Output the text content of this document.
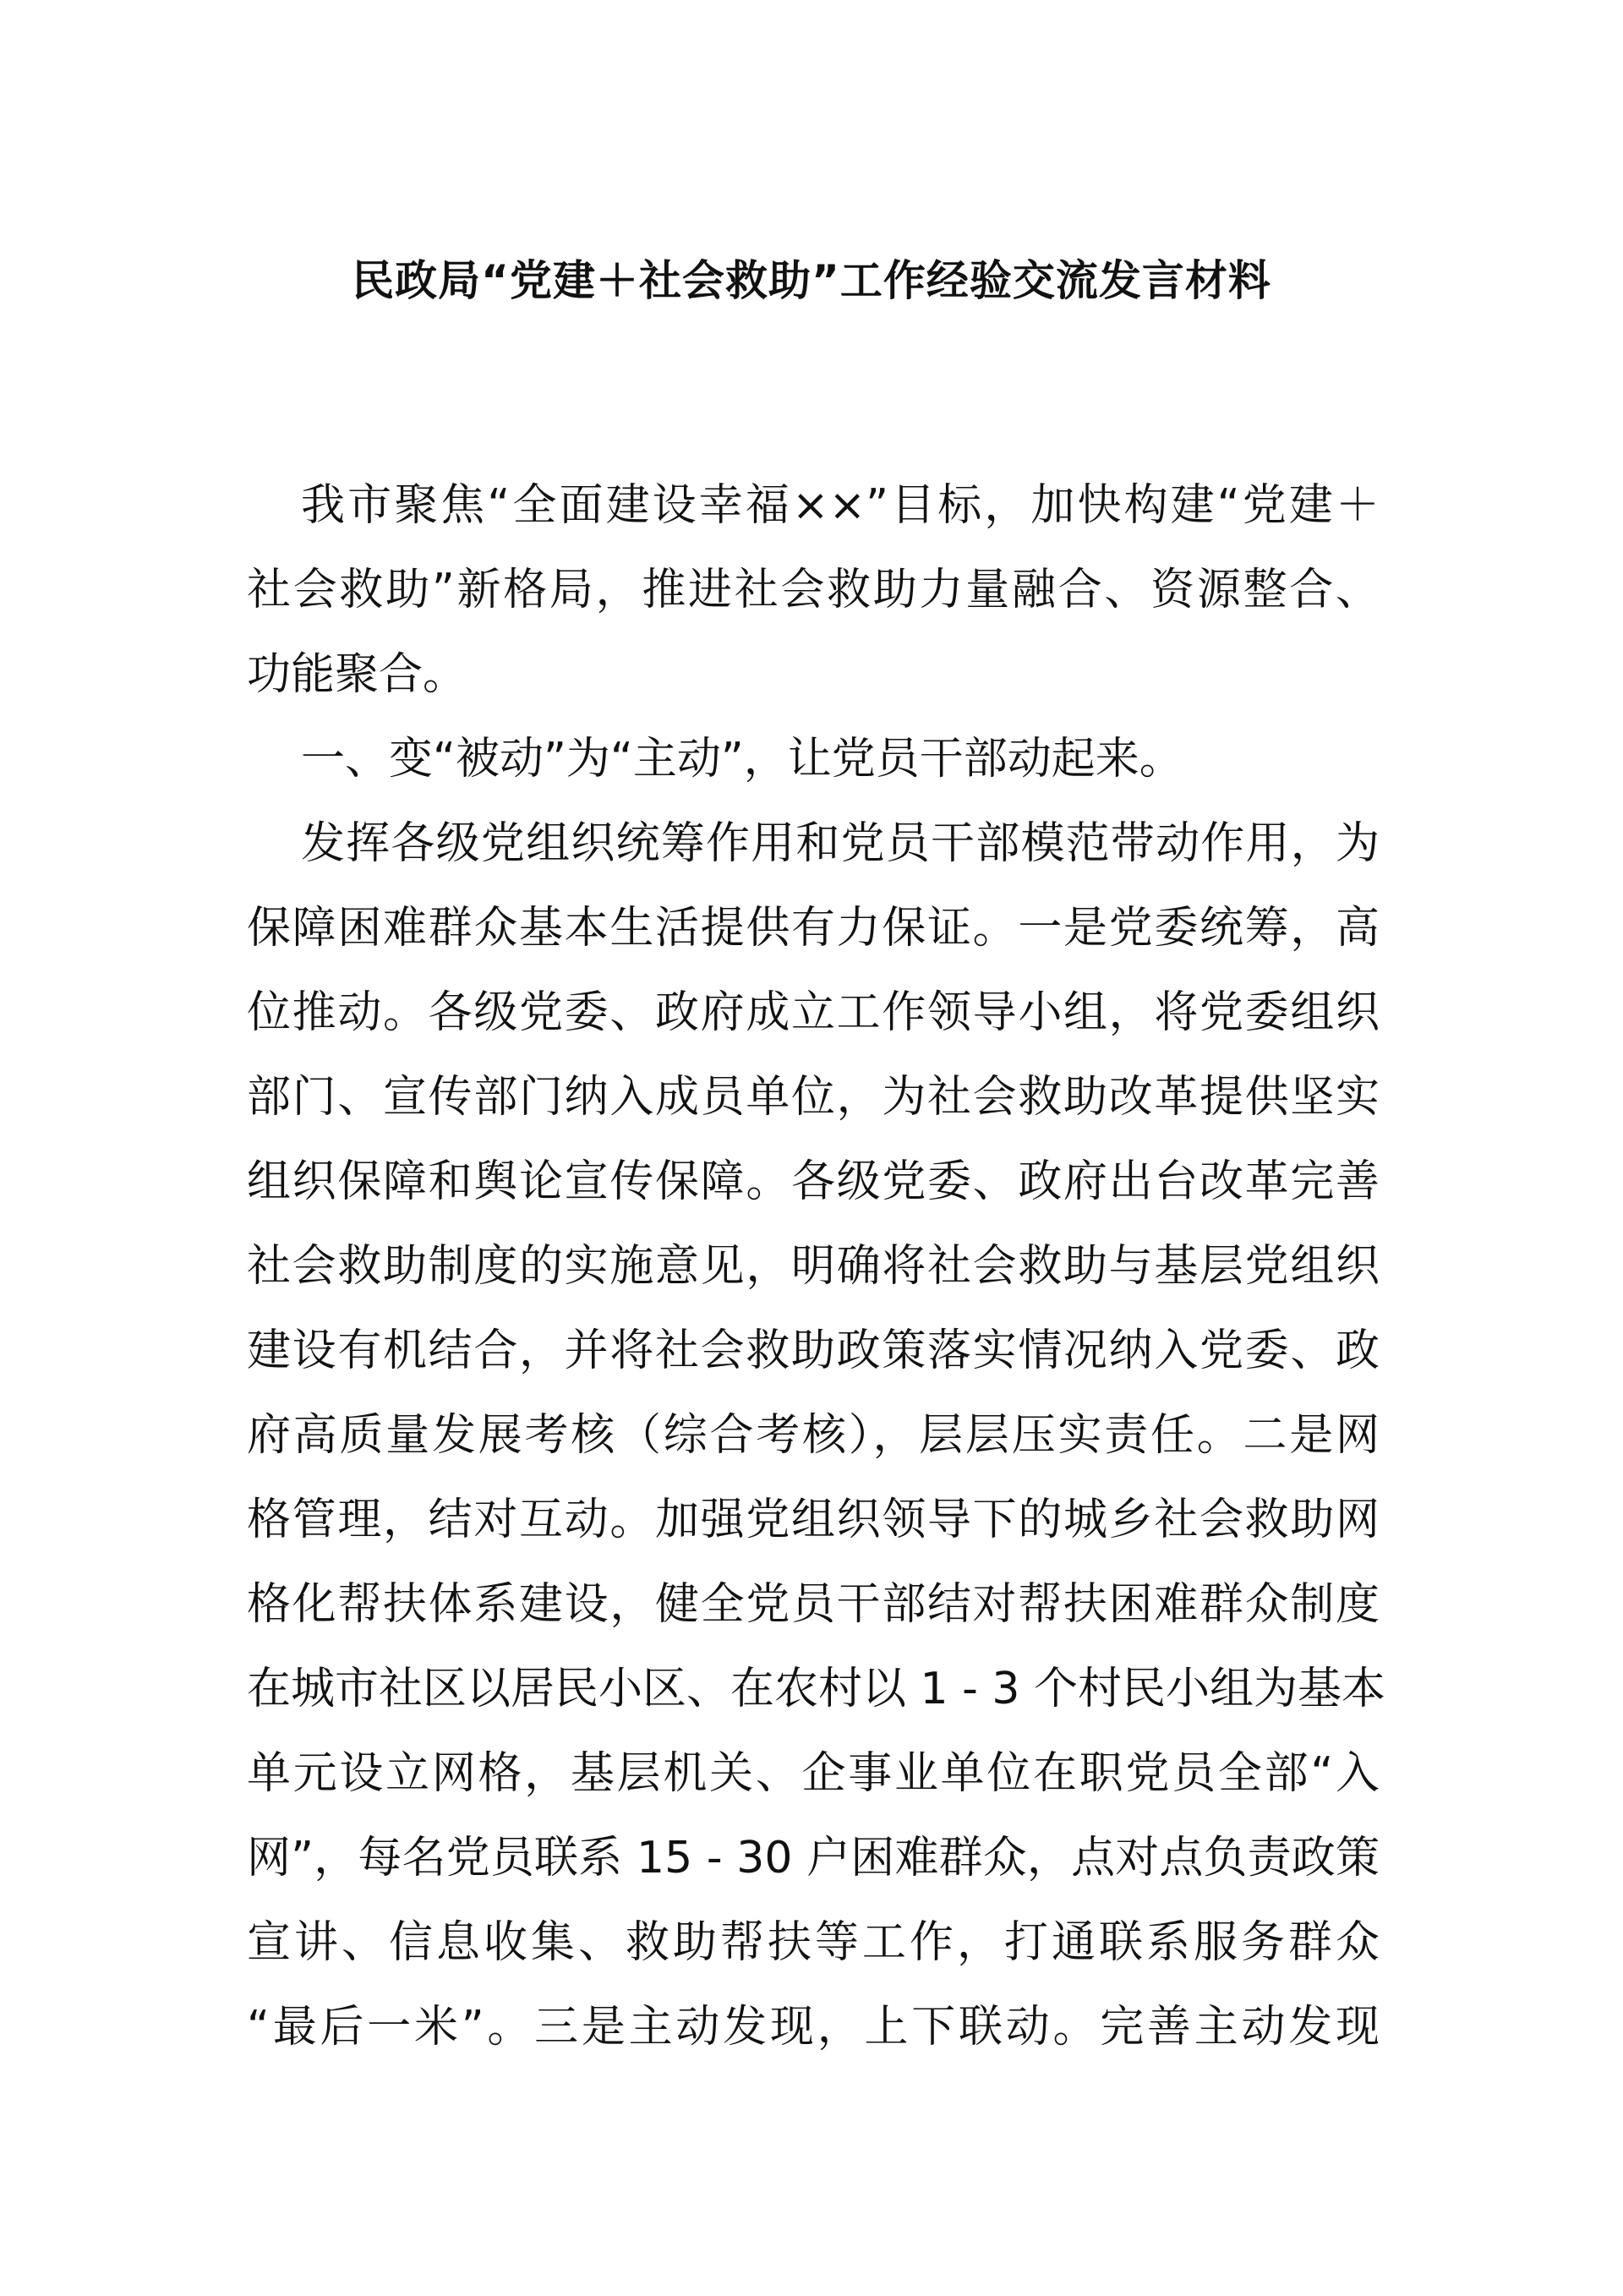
民政局“党建＋社会救助”工作经验交流发言材料
我市聚焦“全面建设幸福××”目标，加快构建“党建＋
社会救助”新格局，推进社会救助力量融合、资源整合、
功能聚合。
一、变“被动”为“主动”，让党员干部动起来。
发挥各级党组织统筹作用和党员干部模范带动作用，为
保障困难群众基本生活提供有力保证。一是党委统筹，高
位推动。各级党委、政府成立工作领导小组，将党委组织
部门、宣传部门纳入成员单位，为社会救助改革提供坚实
组织保障和舆论宣传保障。各级党委、政府出台改革完善
社会救助制度的实施意见，明确将社会救助与基层党组织
建设有机结合，并将社会救助政策落实情况纳入党委、政
府高质量发展考核（综合考核），层层压实责任。二是网
格管理，结对互动。加强党组织领导下的城乡社会救助网
格化帮扶体系建设，健全党员干部结对帮扶困难群众制度
在城市社区以居民小区、在农村以 1 - 3 个村民小组为基本
单元设立网格，基层机关、企事业单位在职党员全部“入
网”，每名党员联系 15 - 30 户困难群众，点对点负责政策
宣讲、信息收集、救助帮扶等工作，打通联系服务群众
“最后一米”。三是主动发现，上下联动。完善主动发现
